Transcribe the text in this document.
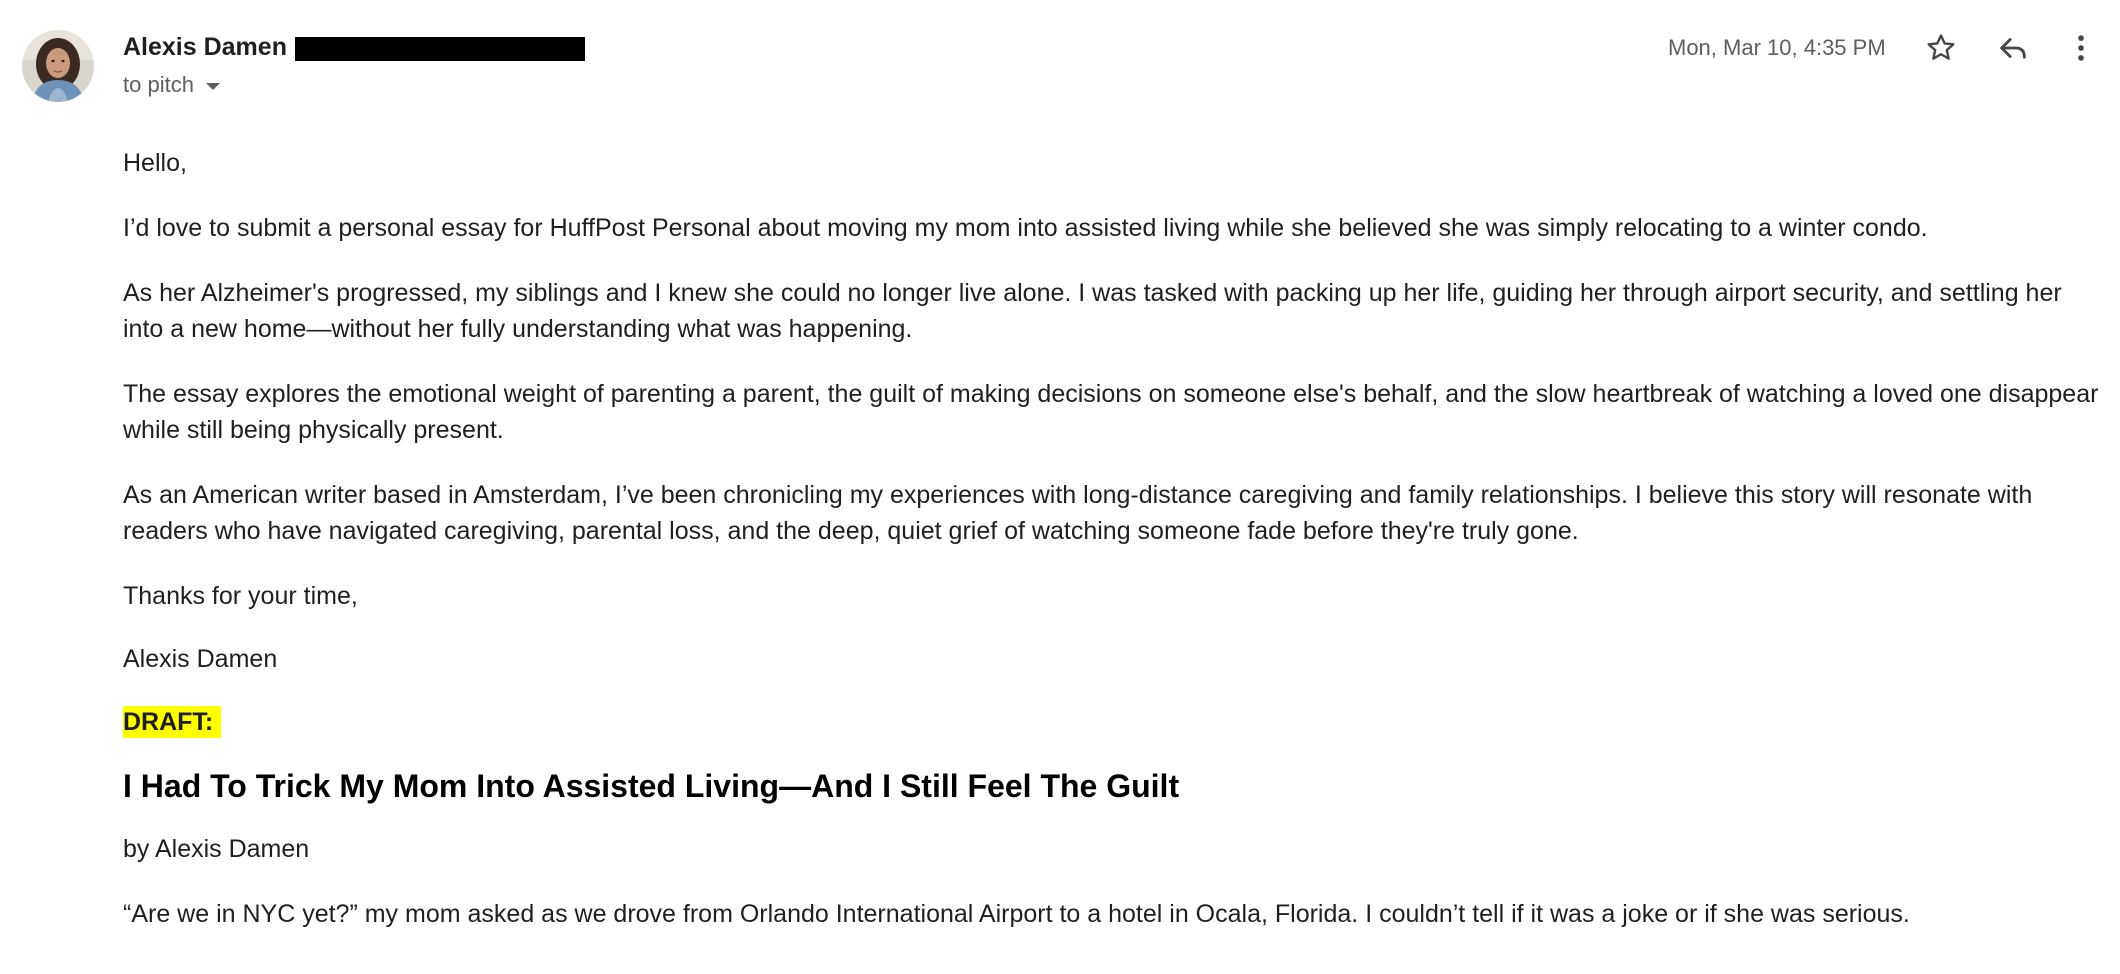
Alexis Damen
to pitch
Mon, Mar 10, 4:35 PM

Hello,

I’d love to submit a personal essay for HuffPost Personal about moving my mom into assisted living while she believed she was simply relocating to a winter condo.

As her Alzheimer's progressed, my siblings and I knew she could no longer live alone. I was tasked with packing up her life, guiding her through airport security, and settling her into a new home—without her fully understanding what was happening.

The essay explores the emotional weight of parenting a parent, the guilt of making decisions on someone else's behalf, and the slow heartbreak of watching a loved one disappear while still being physically present.

As an American writer based in Amsterdam, I’ve been chronicling my experiences with long-distance caregiving and family relationships. I believe this story will resonate with readers who have navigated caregiving, parental loss, and the deep, quiet grief of watching someone fade before they're truly gone.

Thanks for your time,

Alexis Damen

DRAFT:

I Had To Trick My Mom Into Assisted Living—And I Still Feel The Guilt

by Alexis Damen

“Are we in NYC yet?” my mom asked as we drove from Orlando International Airport to a hotel in Ocala, Florida. I couldn’t tell if it was a joke or if she was serious.
